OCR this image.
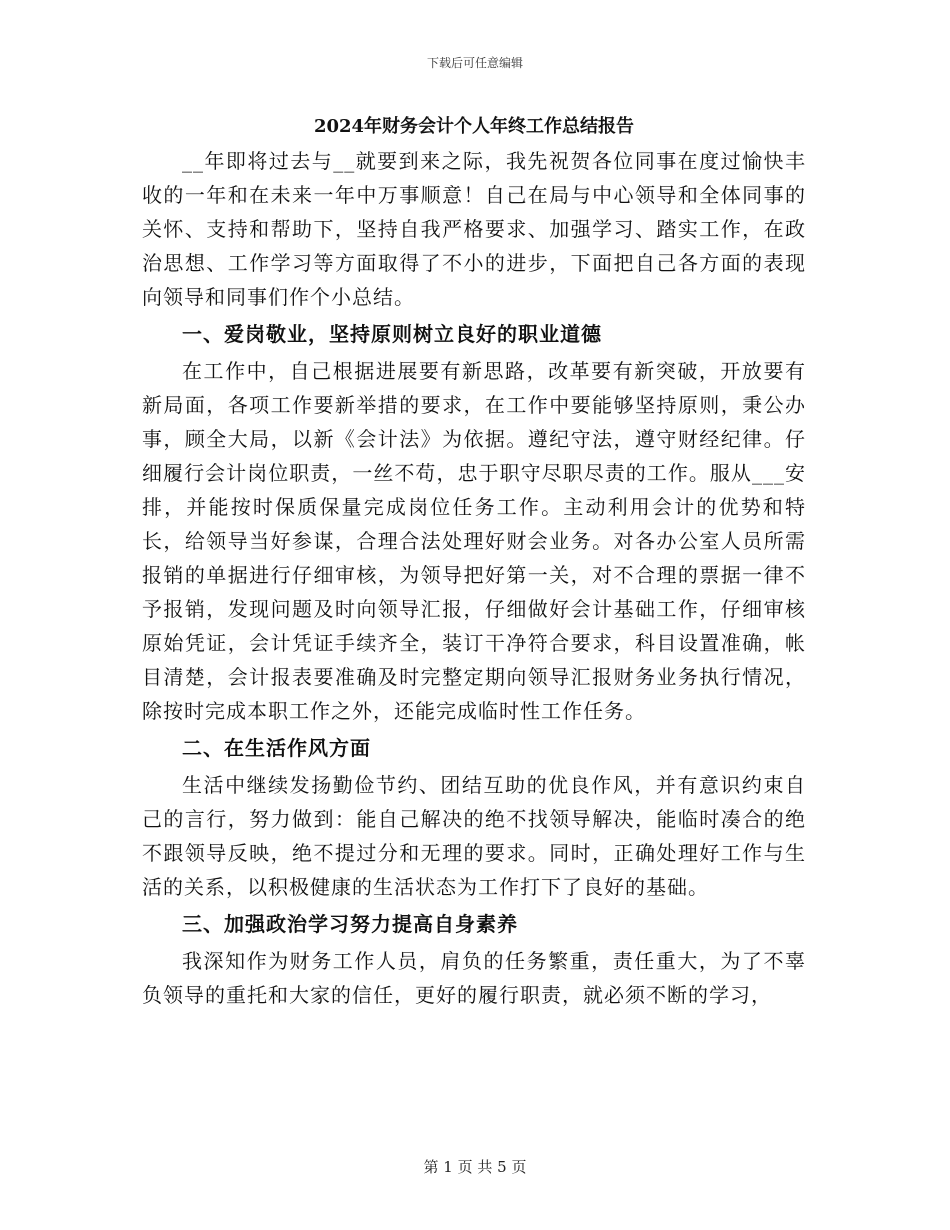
下载后可任意编辑
2024年财务会计个人年终工作总结报告

__年即将过去与__就要到来之际，我先祝贺各位同事在度过愉快丰收的一年和在未来一年中万事顺意！自己在局与中心领导和全体同事的关怀、支持和帮助下，坚持自我严格要求、加强学习、踏实工作，在政治思想、工作学习等方面取得了不小的进步，下面把自己各方面的表现向领导和同事们作个小总结。

一、爱岗敬业，坚持原则树立良好的职业道德

在工作中，自己根据进展要有新思路，改革要有新突破，开放要有新局面，各项工作要新举措的要求，在工作中要能够坚持原则，秉公办事，顾全大局，以新《会计法》为依据。遵纪守法，遵守财经纪律。仔细履行会计岗位职责，一丝不苟，忠于职守尽职尽责的工作。服从___安排，并能按时保质保量完成岗位任务工作。主动利用会计的优势和特长，给领导当好参谋，合理合法处理好财会业务。对各办公室人员所需报销的单据进行仔细审核，为领导把好第一关，对不合理的票据一律不予报销，发现问题及时向领导汇报，仔细做好会计基础工作，仔细审核原始凭证，会计凭证手续齐全，装订干净符合要求，科目设置准确，帐目清楚，会计报表要准确及时完整定期向领导汇报财务业务执行情况，除按时完成本职工作之外，还能完成临时性工作任务。

二、在生活作风方面

生活中继续发扬勤俭节约、团结互助的优良作风，并有意识约束自己的言行，努力做到：能自己解决的绝不找领导解决，能临时凑合的绝不跟领导反映，绝不提过分和无理的要求。同时，正确处理好工作与生活的关系，以积极健康的生活状态为工作打下了良好的基础。

三、加强政治学习努力提高自身素养

我深知作为财务工作人员，肩负的任务繁重，责任重大，为了不辜负领导的重托和大家的信任，更好的履行职责，就必须不断的学习，

第 1 页 共 5 页
